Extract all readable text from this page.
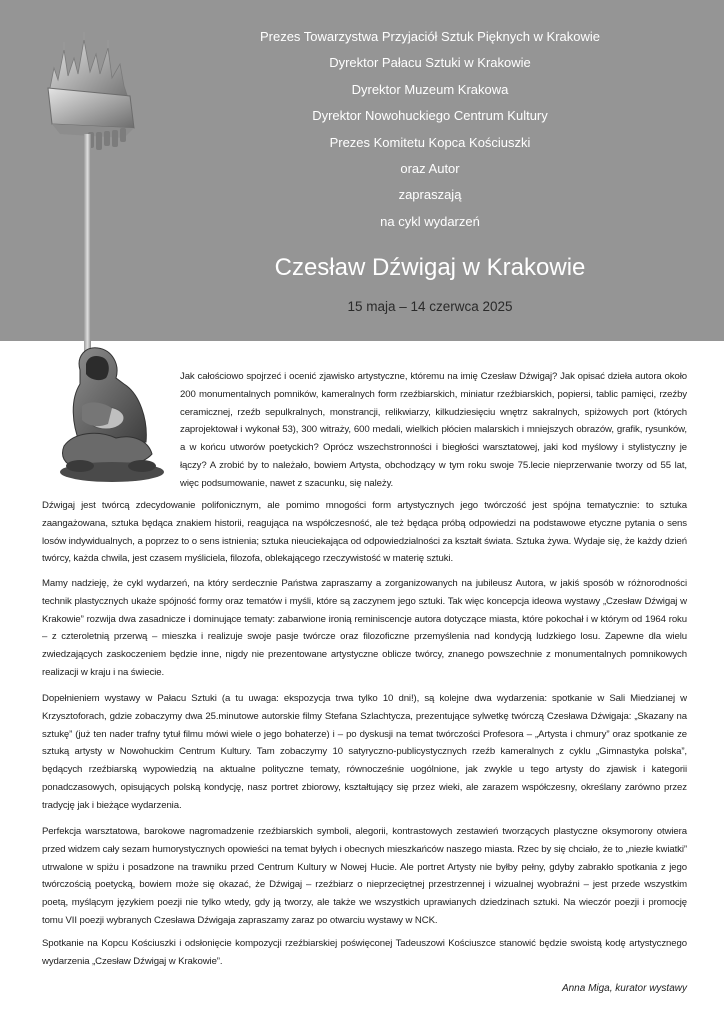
Prezes Towarzystwa Przyjaciół Sztuk Pięknych w Krakowie
Dyrektor Pałacu Sztuki w Krakowie
Dyrektor Muzeum Krakowa
Dyrektor Nowohuckiego Centrum Kultury
Prezes Komitetu Kopca Kościuszki
oraz Autor
zapraszają
na cykl wydarzeń
Czesław Dźwigaj w Krakowie
15 maja – 14 czerwca 2025
Jak całościowo spojrzeć i ocenić zjawisko artystyczne, któremu na imię Czesław Dźwigaj? Jak opisać dzieła autora około 200 monumentalnych pomników, kameralnych form rzeźbiarskich, miniatur rzeźbiarskich, popiersi, tablic pamięci, rzeźby ceramicznej, rzeźb sepulkralnych, monstrancji, relikwiarzy, kilkudziesięciu wnętrz sakralnych, spiżowych port (których zaprojektował i wykonał 53), 300 witraży, 600 medali, wielkich płócien malarskich i mniejszych obrazów, grafik, rysunków, a w końcu utworów poetyckich? Oprócz wszechstronności i biegłości warsztatowej, jaki kod myślowy i stylistyczny je łączy? A zrobić by to należało, bowiem Artysta, obchodzący w tym roku swoje 75.lecie nieprzerwanie tworzy od 55 lat, więc podsumowanie, nawet z szacunku, się należy.
Dźwigaj jest twórcą zdecydowanie polifonicznym, ale pomimo mnogości form artystycznych jego twórczość jest spójna tematycznie: to sztuka zaangażowana, sztuka będąca znakiem historii, reagująca na współczesność, ale też będąca próbą odpowiedzi na podstawowe etyczne pytania o sens losów indywidualnych, a poprzez to o sens istnienia; sztuka nieuciekająca od odpowiedzialności za kształt świata. Sztuka żywa. Wydaje się, że każdy dzień twórcy, każda chwila, jest czasem myśliciela, filozofa, oblekającego rzeczywistość w materię sztuki.
Mamy nadzieję, że cykl wydarzeń, na który serdecznie Państwa zapraszamy a zorganizowanych na jubileusz Autora, w jakiś sposób w różnorodności technik plastycznych ukaże spójność formy oraz tematów i myśli, które są zaczynem jego sztuki. Tak więc koncepcja ideowa wystawy „Czesław Dźwigaj w Krakowie” rozwija dwa zasadnicze i dominujące tematy: zabarwione ironią reminiscencje autora dotyczące miasta, które pokochał i w którym od 1964 roku – z czteroletnią przerwą – mieszka i realizuje swoje pasje twórcze oraz filozoficzne przemyślenia nad kondycją ludzkiego losu. Zapewne dla wielu zwiedzających zaskoczeniem będzie inne, nigdy nie prezentowane artystyczne oblicze twórcy, znanego powszechnie z monumentalnych pomnikowych realizacji w kraju i na świecie.
Dopełnieniem wystawy w Pałacu Sztuki (a tu uwaga: ekspozycja trwa tylko 10 dni!), są kolejne dwa wydarzenia: spotkanie w Sali Miedzianej w Krzysztoforach, gdzie zobaczymy dwa 25.minutowe autorskie filmy Stefana Szlachtycza, prezentujące sylwetkę twórczą Czesława Dźwigaja: „Skazany na sztukę” (już ten nader trafny tytuł filmu mówi wiele o jego bohaterze) i – po dyskusji na temat twórczości Profesora – „Artysta i chmury” oraz spotkanie ze sztuką artysty w Nowohuckim Centrum Kultury. Tam zobaczymy 10 satyryczno-publicystycznych rzeźb kameralnych z cyklu „Gimnastyka polska”, będących rzeźbiarską wypowiedzią na aktualne polityczne tematy, równocześnie uogólnione, jak zwykle u tego artysty do zjawisk i kategorii ponadczasowych, opisujących polską kondycję, nasz portret zbiorowy, kształtujący się przez wieki, ale zarazem współczesny, określany zarówno przez tradycję jak i bieżące wydarzenia.
Perfekcja warsztatowa, barokowe nagromadzenie rzeźbiarskich symboli, alegorii, kontrastowych zestawień tworzących plastyczne oksymorony otwiera przed widzem cały sezam humorystycznych opowieści na temat byłych i obecnych mieszkańców naszego miasta. Rzec by się chciało, że to „niezłe kwiatki” utrwalone w spiżu i posadzone na trawniku przed Centrum Kultury w Nowej Hucie. Ale portret Artysty nie byłby pełny, gdyby zabrakło spotkania z jego twórczością poetycką, bowiem może się okazać, że Dźwigaj – rzeźbiarz o nieprzeciętnej przestrzennej i wizualnej wyobraźni – jest przede wszystkim poetą, myślącym językiem poezji nie tylko wtedy, gdy ją tworzy, ale także we wszystkich uprawianych dziedzinach sztuki. Na wieczór poezji i promocję tomu VII poezji wybranych Czesława Dźwigaja zapraszamy zaraz po otwarciu wystawy w NCK.
Spotkanie na Kopcu Kościuszki i odsłonięcie kompozycji rzeźbiarskiej poświęconej Tadeuszowi Kościuszce stanowić będzie swoistą kodę artystycznego wydarzenia „Czesław Dźwigaj w Krakowie”.
Anna Miga, kurator wystawy
